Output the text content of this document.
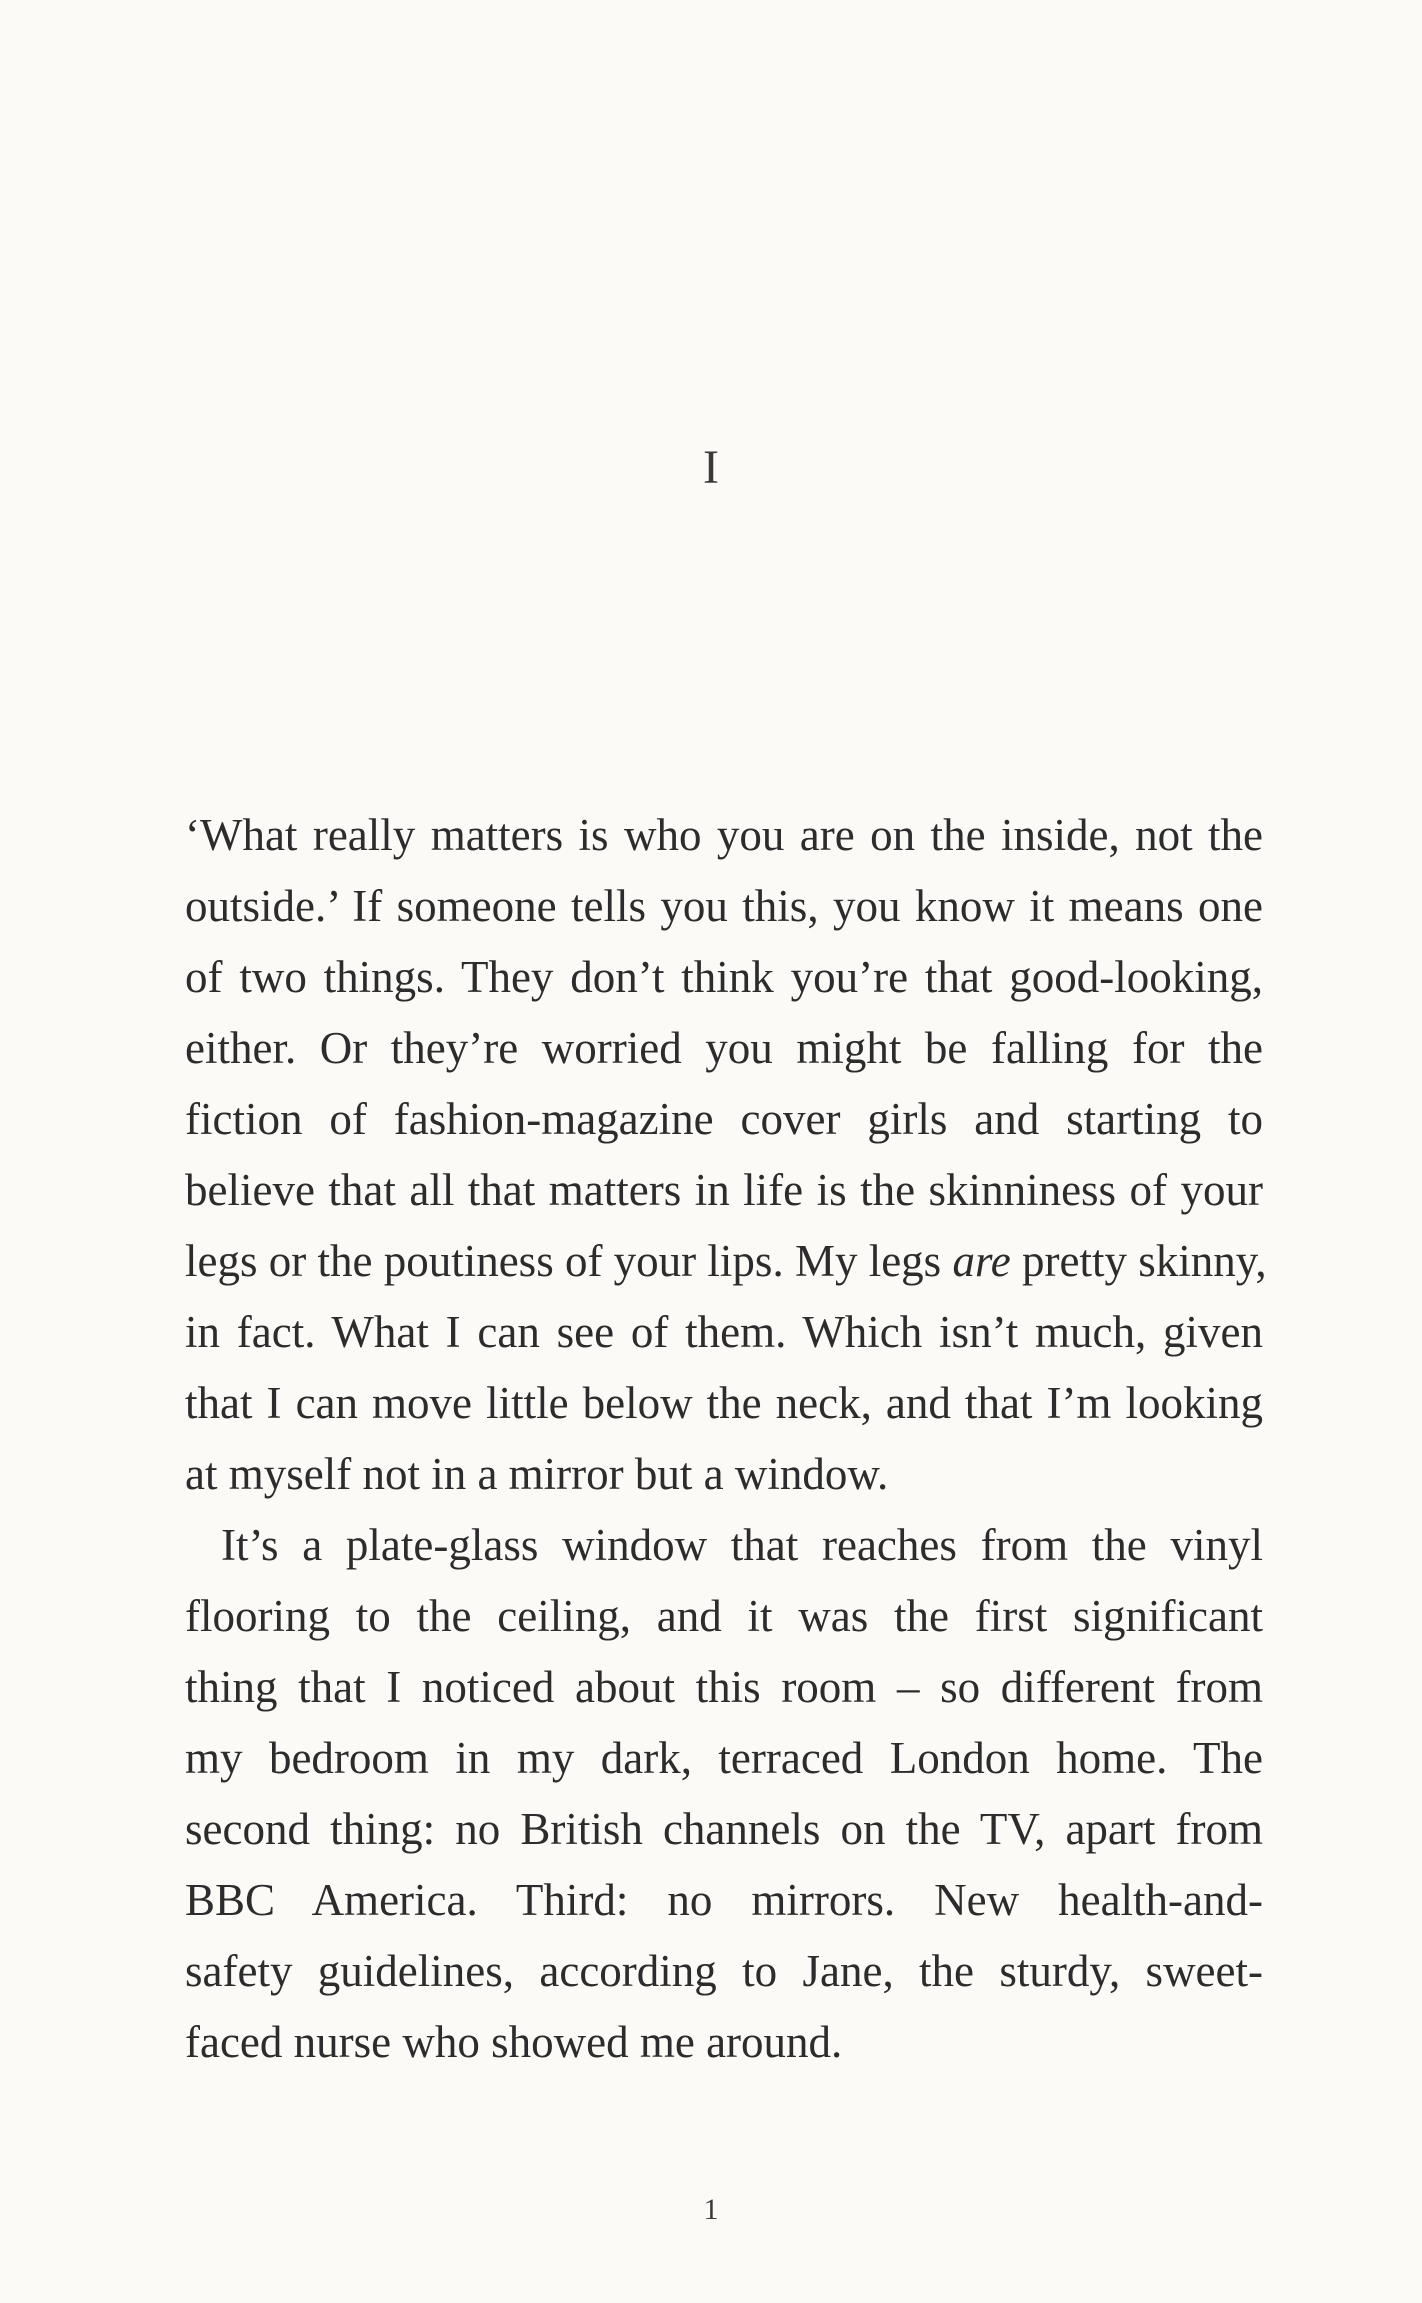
I
‘What really matters is who you are on the inside, not the
outside.’ If someone tells you this, you know it means one
of two things. They don’t think you’re that good-looking,
either. Or they’re worried you might be falling for the
fiction of fashion-magazine cover girls and starting to
believe that all that matters in life is the skinniness of your
legs or the poutiness of your lips. My legs are pretty skinny,
in fact. What I can see of them. Which isn’t much, given
that I can move little below the neck, and that I’m looking
at myself not in a mirror but a window.
It’s a plate-glass window that reaches from the vinyl
flooring to the ceiling, and it was the first significant
thing that I noticed about this room – so different from
my bedroom in my dark, terraced London home. The
second thing: no British channels on the TV, apart from
BBC America. Third: no mirrors. New health-and-
safety guidelines, according to Jane, the sturdy, sweet-
faced nurse who showed me around.
1
